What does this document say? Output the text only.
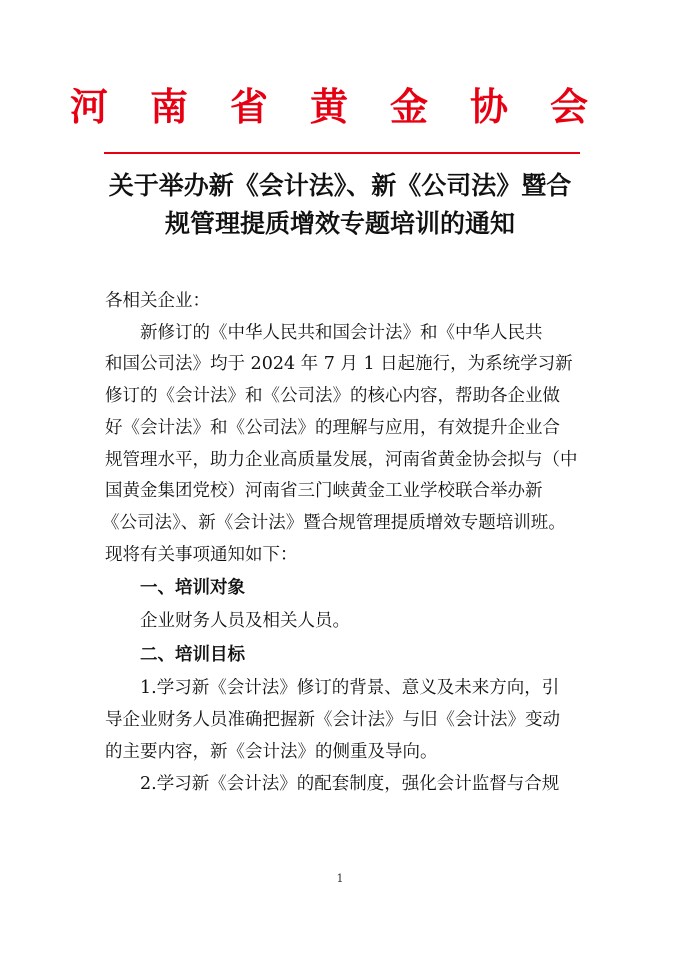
河南省黄金协会
关于举办新《会计法》、新《公司法》暨合
规管理提质增效专题培训的通知
各相关企业：
新修订的《中华人民共和国会计法》和《中华人民共
和国公司法》均于 2024 年 7 月 1 日起施行，为系统学习新
修订的《会计法》和《公司法》的核心内容，帮助各企业做
好《会计法》和《公司法》的理解与应用，有效提升企业合
规管理水平，助力企业高质量发展，河南省黄金协会拟与（中
国黄金集团党校）河南省三门峡黄金工业学校联合举办新
《公司法》、新《会计法》暨合规管理提质增效专题培训班。
现将有关事项通知如下：
一、培训对象
企业财务人员及相关人员。
二、培训目标
1.学习新《会计法》修订的背景、意义及未来方向，引
导企业财务人员准确把握新《会计法》与旧《会计法》变动
的主要内容，新《会计法》的侧重及导向。
2.学习新《会计法》的配套制度，强化会计监督与合规
1
